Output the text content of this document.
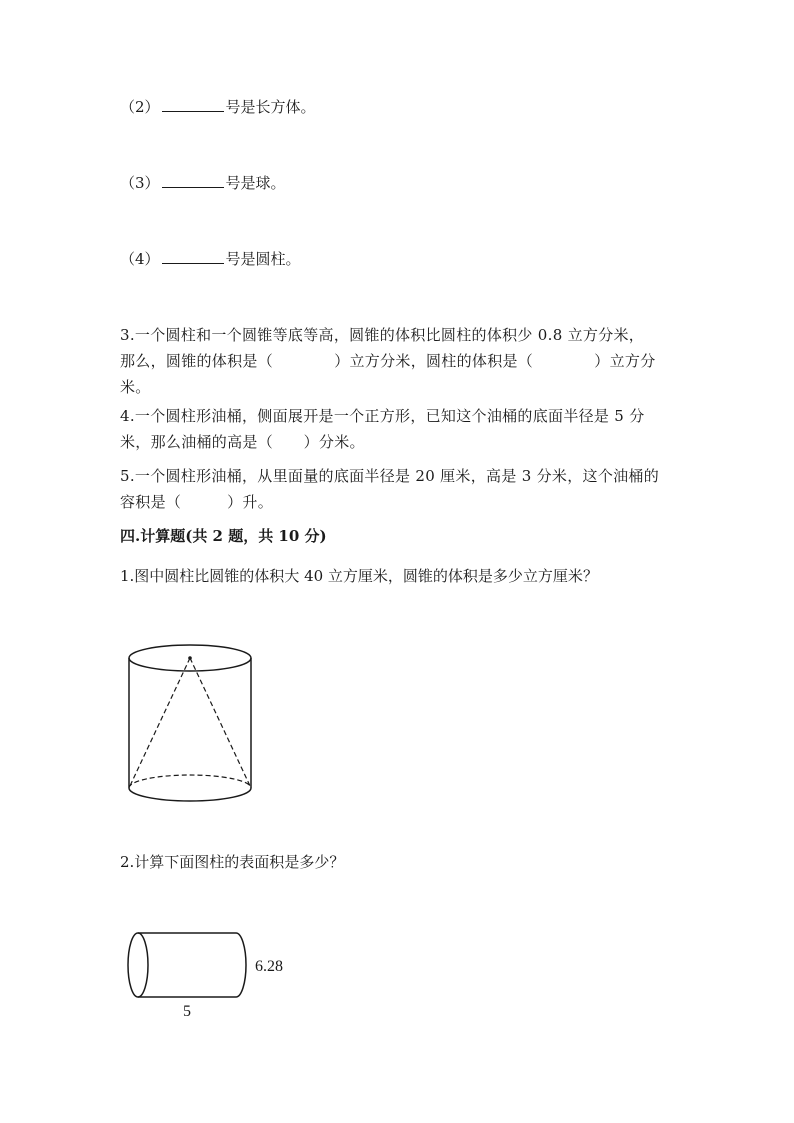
（2）	号是长方体。
（3）	号是球。
（4）	号是圆柱。
3.一个圆柱和一个圆锥等底等高，圆锥的体积比圆柱的体积少 0.8 立方分米，
那么，圆锥的体积是（　　　　）立方分米，圆柱的体积是（　　　　）立方分
米。
4.一个圆柱形油桶，侧面展开是一个正方形，已知这个油桶的底面半径是 5 分
米，那么油桶的高是（　　）分米。
5.一个圆柱形油桶，从里面量的底面半径是 20 厘米，高是 3 分米，这个油桶的
容积是（　　　）升。
四.计算题(共 2 题，共 10 分)
1.图中圆柱比圆锥的体积大 40 立方厘米，圆锥的体积是多少立方厘米？
2.计算下面图柱的表面积是多少？
6.28
5
